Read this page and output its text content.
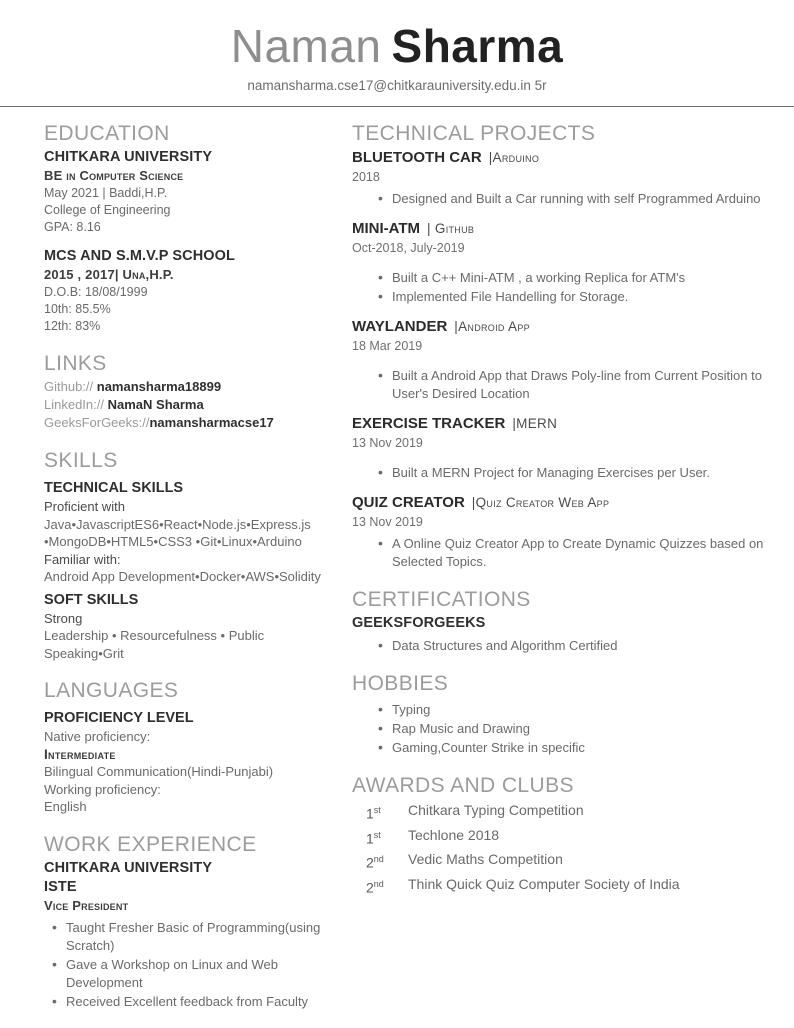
Naman Sharma
namansharma.cse17@chitkarauniversity.edu.in 5r
EDUCATION
CHITKARA UNIVERSITY
BE in Computer Science
May 2021 | Baddi,H.P.
College of Engineering
GPA: 8.16
MCS AND S.M.V.P SCHOOL
2015 , 2017| Una,H.P.
D.O.B: 18/08/1999
10th: 85.5%
12th: 83%
LINKS
Github:// namansharma18899
LinkedIn:// NamaN Sharma
GeeksForGeeks://namansharmacse17
SKILLS
TECHNICAL SKILLS
Proficient with
Java•JavascriptES6•React•Node.js•Express.js
•MongoDB•HTML5•CSS3 •Git•Linux•Arduino
Familiar with:
Android App Development•Docker•AWS•Solidity
SOFT SKILLS
Strong
Leadership • Resourcefulness • Public Speaking•Grit
LANGUAGES
PROFICIENCY LEVEL
Native proficiency:
Intermediate
Bilingual Communication(Hindi-Punjabi)
Working proficiency:
English
WORK EXPERIENCE
CHITKARA UNIVERSITY
ISTE
Vice President
• Taught Fresher Basic of Programming(using Scratch)
• Gave a Workshop on Linux and Web Development
• Received Excellent feedback from Faculty
TECHNICAL PROJECTS
BLUETOOTH CAR |Arduino
2018
• Designed and Built a Car running with self Programmed Arduino
MINI-ATM | Github
Oct-2018, July-2019
• Built a C++ Mini-ATM , a working Replica for ATM's
• Implemented File Handelling for Storage.
WAYLANDER |Android App
18 Mar 2019
• Built a Android App that Draws Poly-line from Current Position to User's Desired Location
EXERCISE TRACKER |MERN
13 Nov 2019
• Built a MERN Project for Managing Exercises per User.
QUIZ CREATOR |Quiz Creator Web App
13 Nov 2019
• A Online Quiz Creator App to Create Dynamic Quizzes based on Selected Topics.
CERTIFICATIONS
GEEKSFORGEEKS
• Data Structures and Algorithm Certified
HOBBIES
• Typing
• Rap Music and Drawing
• Gaming,Counter Strike in specific
AWARDS AND CLUBS
1st	Chitkara Typing Competition
1st	Techlone 2018
2nd	Vedic Maths Competition
2nd	Think Quick Quiz Computer Society of India
